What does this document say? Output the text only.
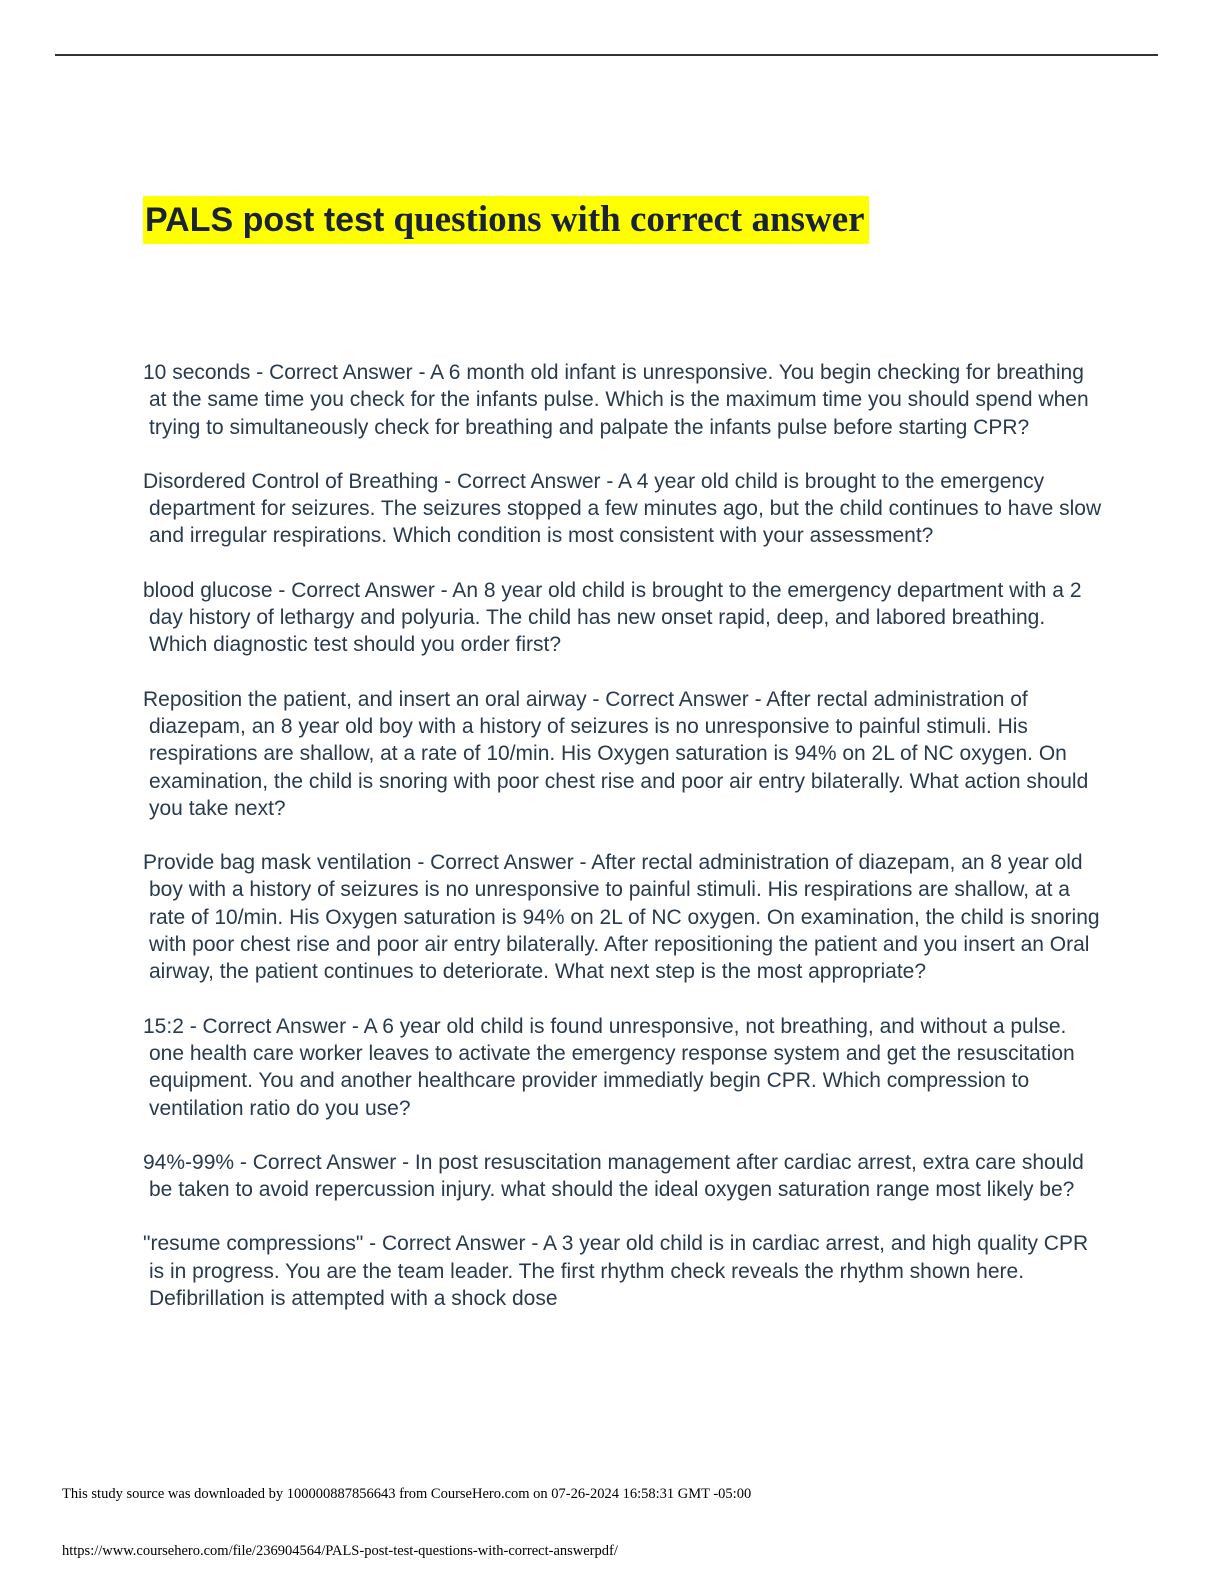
PALS post test questions with correct answer
10 seconds - Correct Answer - A 6 month old infant is unresponsive. You begin checking for breathing at the same time you check for the infants pulse. Which is the maximum time you should spend when trying to simultaneously check for breathing and palpate the infants pulse before starting CPR?
Disordered Control of Breathing - Correct Answer - A 4 year old child is brought to the emergency department for seizures. The seizures stopped a few minutes ago, but the child continues to have slow and irregular respirations. Which condition is most consistent with your assessment?
blood glucose - Correct Answer - An 8 year old child is brought to the emergency department with a 2 day history of lethargy and polyuria. The child has new onset rapid, deep, and labored breathing. Which diagnostic test should you order first?
Reposition the patient, and insert an oral airway - Correct Answer - After rectal administration of diazepam, an 8 year old boy with a history of seizures is no unresponsive to painful stimuli. His respirations are shallow, at a rate of 10/min. His Oxygen saturation is 94% on 2L of NC oxygen. On examination, the child is snoring with poor chest rise and poor air entry bilaterally. What action should you take next?
Provide bag mask ventilation - Correct Answer - After rectal administration of diazepam, an 8 year old boy with a history of seizures is no unresponsive to painful stimuli. His respirations are shallow, at a rate of 10/min. His Oxygen saturation is 94% on 2L of NC oxygen. On examination, the child is snoring with poor chest rise and poor air entry bilaterally. After repositioning the patient and you insert an Oral airway, the patient continues to deteriorate. What next step is the most appropriate?
15:2 - Correct Answer - A 6 year old child is found unresponsive, not breathing, and without a pulse. one health care worker leaves to activate the emergency response system and get the resuscitation equipment. You and another healthcare provider immediatly begin CPR. Which compression to ventilation ratio do you use?
94%-99% - Correct Answer - In post resuscitation management after cardiac arrest, extra care should be taken to avoid repercussion injury. what should the ideal oxygen saturation range most likely be?
"resume compressions" - Correct Answer - A 3 year old child is in cardiac arrest, and high quality CPR is in progress. You are the team leader. The first rhythm check reveals the rhythm shown here. Defibrillation is attempted with a shock dose
This study source was downloaded by 100000887856643 from CourseHero.com on 07-26-2024 16:58:31 GMT -05:00
https://www.coursehero.com/file/236904564/PALS-post-test-questions-with-correct-answerpdf/
